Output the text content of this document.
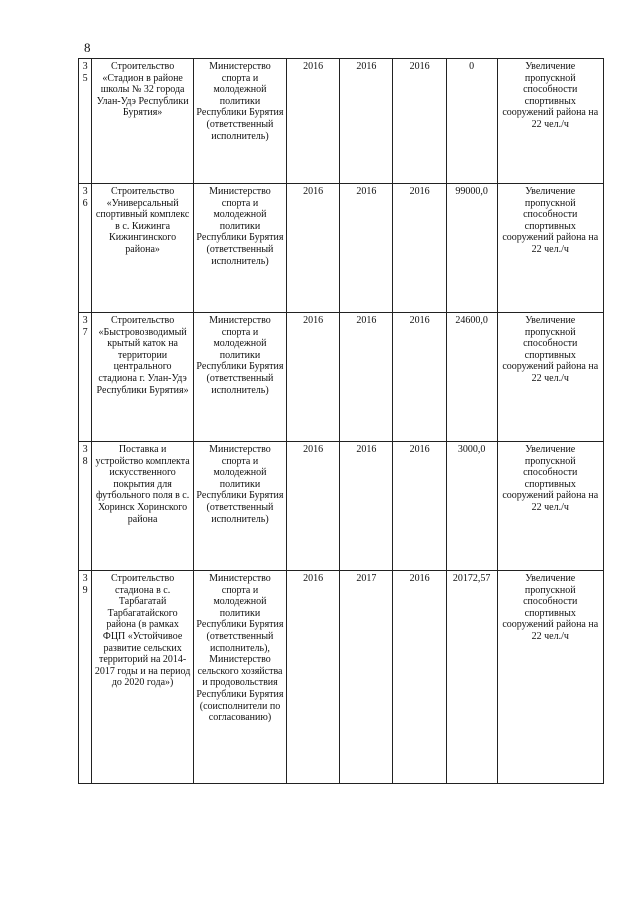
8
35	Строительство «Стадион в районе школы № 32 города Улан-Удэ Республики Бурятия»	Министерство спорта и молодежной политики Республики Бурятия (ответственный исполнитель)	2016	2016	2016	0	Увеличение пропускной способности спортивных сооружений района на 22 чел./ч

36	Строительство «Универсальный спортивный комплекс в с. Кижинга Кижингинского района»	Министерство спорта и молодежной политики Республики Бурятия (ответственный исполнитель)	2016	2016	2016	99000,0	Увеличение пропускной способности спортивных сооружений района на 22 чел./ч

37	Строительство «Быстровозводимый крытый каток на территории центрального стадиона г. Улан-Удэ Республики Бурятия»	Министерство спорта и молодежной политики Республики Бурятия (ответственный исполнитель)	2016	2016	2016	24600,0	Увеличение пропускной способности спортивных сооружений района на 22 чел./ч

38	Поставка и устройство комплекта искусственного покрытия для футбольного поля в с. Хоринск Хоринского района	Министерство спорта и молодежной политики Республики Бурятия (ответственный исполнитель)	2016	2016	2016	3000,0	Увеличение пропускной способности спортивных сооружений района на 22 чел./ч

39	Строительство стадиона в с. Тарбагатай Тарбагатайского района (в рамках ФЦП «Устойчивое развитие сельских территорий на 2014-2017 годы и на период до 2020 года»)	Министерство спорта и молодежной политики Республики Бурятия (ответственный исполнитель), Министерство сельского хозяйства и продовольствия Республики Бурятия (соисполнители по согласованию)	2016	2017	2016	20172,57	Увеличение пропускной способности спортивных сооружений района на 22 чел./ч
